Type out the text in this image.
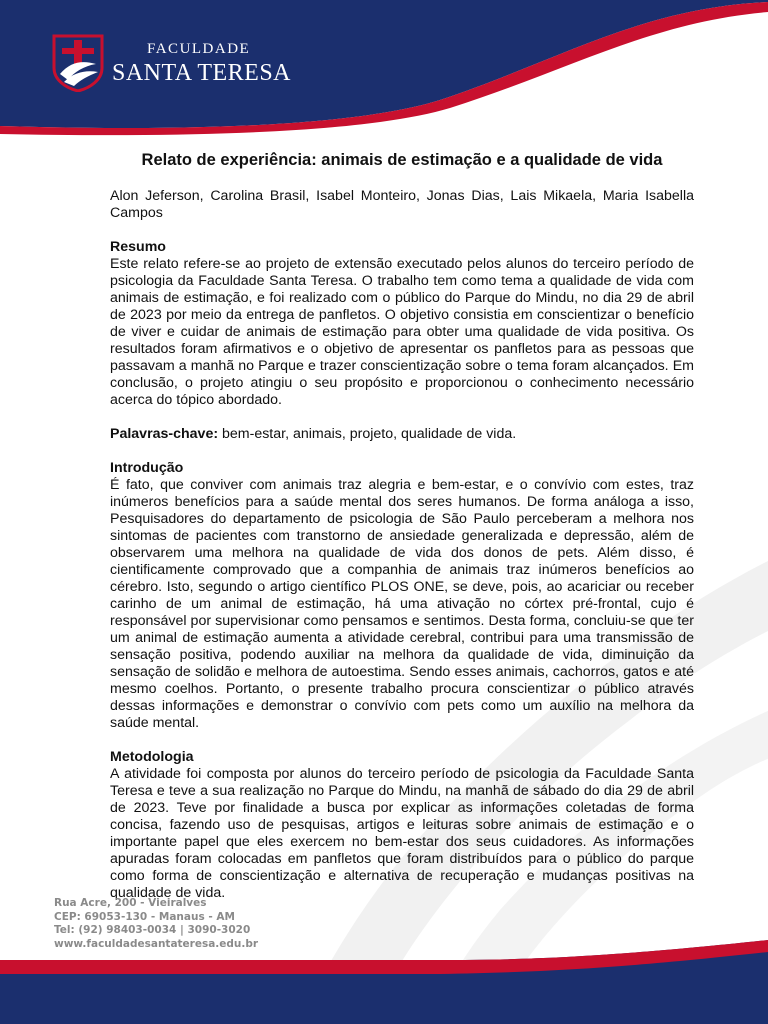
FACULDADE
SANTA TERESA
Relato de experiência: animais de estimação e a qualidade de vida
Alon Jeferson, Carolina Brasil, Isabel Monteiro, Jonas Dias, Lais Mikaela, Maria Isabella Campos
Resumo
Este relato refere-se ao projeto de extensão executado pelos alunos do terceiro período de psicologia da Faculdade Santa Teresa. O trabalho tem como tema a qualidade de vida com animais de estimação, e foi realizado com o público do Parque do Mindu, no dia 29 de abril de 2023 por meio da entrega de panfletos. O objetivo consistia em conscientizar o benefício de viver e cuidar de animais de estimação para obter uma qualidade de vida positiva. Os resultados foram afirmativos e o objetivo de apresentar os panfletos para as pessoas que passavam a manhã no Parque e trazer conscientização sobre o tema foram alcançados. Em conclusão, o projeto atingiu o seu propósito e proporcionou o conhecimento necessário acerca do tópico abordado.
Palavras-chave: bem-estar, animais, projeto, qualidade de vida.
Introdução
É fato, que conviver com animais traz alegria e bem-estar, e o convívio com estes, traz inúmeros benefícios para a saúde mental dos seres humanos. De forma análoga a isso, Pesquisadores do departamento de psicologia de São Paulo perceberam a melhora nos sintomas de pacientes com transtorno de ansiedade generalizada e depressão, além de observarem uma melhora na qualidade de vida dos donos de pets. Além disso, é cientificamente comprovado que a companhia de animais traz inúmeros benefícios ao cérebro. Isto, segundo o artigo científico PLOS ONE, se deve, pois, ao acariciar ou receber carinho de um animal de estimação, há uma ativação no córtex pré-frontal, cujo é responsável por supervisionar como pensamos e sentimos. Desta forma, concluiu-se que ter um animal de estimação aumenta a atividade cerebral, contribui para uma transmissão de sensação positiva, podendo auxiliar na melhora da qualidade de vida, diminuição da sensação de solidão e melhora de autoestima. Sendo esses animais, cachorros, gatos e até mesmo coelhos. Portanto, o presente trabalho procura conscientizar o público através dessas informações e demonstrar o convívio com pets como um auxílio na melhora da saúde mental.
Metodologia
A atividade foi composta por alunos do terceiro período de psicologia da Faculdade Santa Teresa e teve a sua realização no Parque do Mindu, na manhã de sábado do dia 29 de abril de 2023. Teve por finalidade a busca por explicar as informações coletadas de forma concisa, fazendo uso de pesquisas, artigos e leituras sobre animais de estimação e o importante papel que eles exercem no bem-estar dos seus cuidadores. As informações apuradas foram colocadas em panfletos que foram distribuídos para o público do parque como forma de conscientização e alternativa de recuperação e mudanças positivas na qualidade de vida.
Rua Acre, 200 - Vieiralves
CEP: 69053-130 - Manaus - AM
Tel: (92) 98403-0034 | 3090-3020
www.faculdadesantateresa.edu.br
